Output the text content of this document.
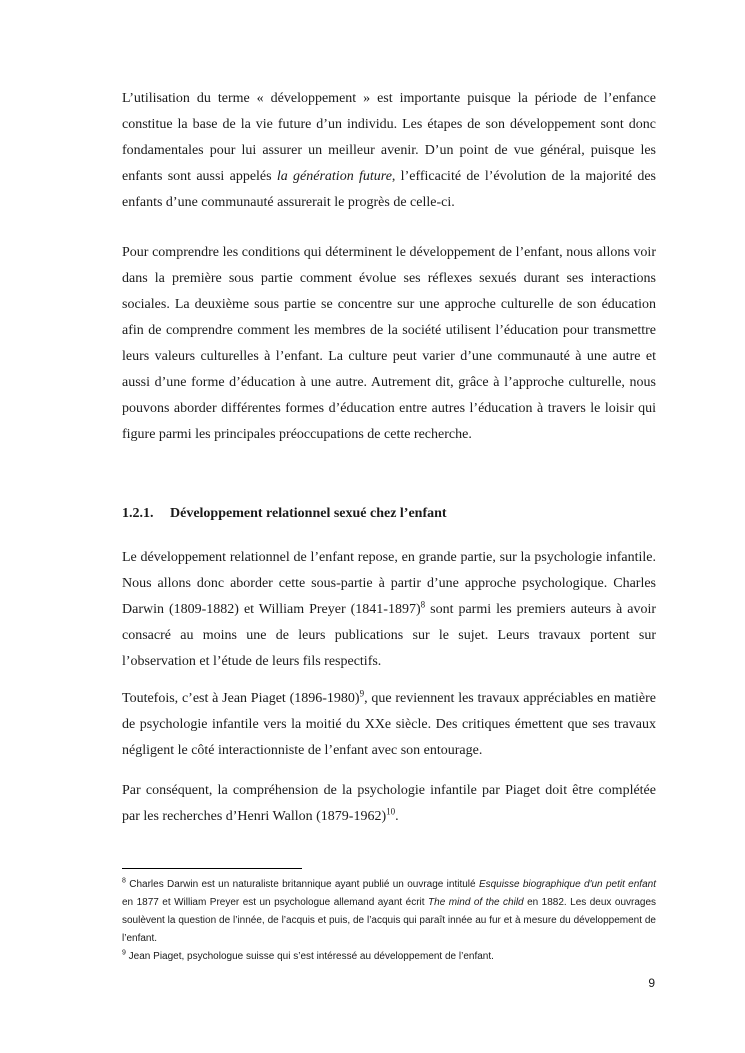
L’utilisation du terme « développement » est importante puisque la période de l’enfance constitue la base de la vie future d’un individu. Les étapes de son développement sont donc fondamentales pour lui assurer un meilleur avenir. D’un point de vue général, puisque les enfants sont aussi appelés la génération future, l’efficacité de l’évolution de la majorité des enfants d’une communauté assurerait le progrès de celle-ci.

Pour comprendre les conditions qui déterminent le développement de l’enfant, nous allons voir dans la première sous partie comment évolue ses réflexes sexués durant ses interactions sociales. La deuxième sous partie se concentre sur une approche culturelle de son éducation afin de comprendre comment les membres de la société utilisent l’éducation pour transmettre leurs valeurs culturelles à l’enfant. La culture peut varier d’une communauté à une autre et aussi d’une forme d’éducation à une autre. Autrement dit, grâce à l’approche culturelle, nous pouvons aborder différentes formes d’éducation entre autres l’éducation à travers le loisir qui figure parmi les principales préoccupations de cette recherche.

1.2.1. Développement relationnel sexué chez l’enfant

Le développement relationnel de l’enfant repose, en grande partie, sur la psychologie infantile. Nous allons donc aborder cette sous-partie à partir d’une approche psychologique. Charles Darwin (1809-1882) et William Preyer (1841-1897)$^8$ sont parmi les premiers auteurs à avoir consacré au moins une de leurs publications sur le sujet. Leurs travaux portent sur l’observation et l’étude de leurs fils respectifs.

Toutefois, c’est à Jean Piaget (1896-1980)$^9$, que reviennent les travaux appréciables en matière de psychologie infantile vers la moitié du XXe siècle. Des critiques émettent que ses travaux négligent le côté interactionniste de l’enfant avec son entourage.

Par conséquent, la compréhension de la psychologie infantile par Piaget doit être complétée par les recherches d’Henri Wallon (1879-1962)$^{10}$.

$^8$ Charles Darwin est un naturaliste britannique ayant publié un ouvrage intitulé Esquisse biographique d'un petit enfant en 1877 et William Preyer est un psychologue allemand ayant écrit The mind of the child en 1882. Les deux ouvrages soulèvent la question de l’innée, de l’acquis et puis, de l’acquis qui paraît innée au fur et à mesure du développement de l’enfant.

$^9$ Jean Piaget, psychologue suisse qui s’est intéressé au développement de l’enfant.

9
